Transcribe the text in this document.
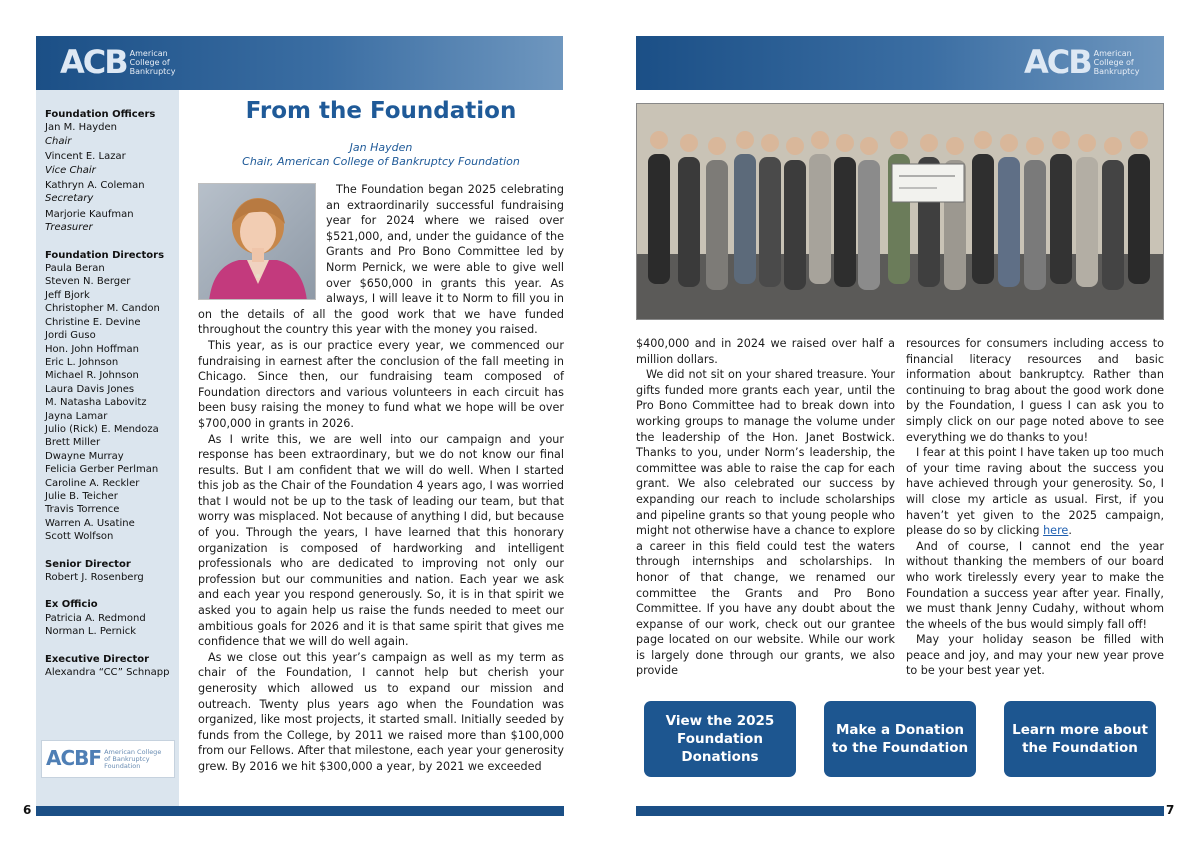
ACB American
College of
Bankruptcy	ACB American
College of
Bankruptcy
Foundation Officers
Jan M. Hayden
Chair
Vincent E. Lazar
Vice Chair
Kathryn A. Coleman
Secretary
Marjorie Kaufman
Treasurer
Foundation Directors
Paula Beran
Steven N. Berger
Jeff Bjork
Christopher M. Candon
Christine E. Devine
Jordi Guso
Hon. John Hoffman
Eric L. Johnson
Michael R. Johnson
Laura Davis Jones
M. Natasha Labovitz
Jayna Lamar
Julio (Rick) E. Mendoza
Brett Miller
Dwayne Murray
Felicia Gerber Perlman
Caroline A. Reckler
Julie B. Teicher
Travis Torrence
Warren A. Usatine
Scott Wolfson
Senior Director
Robert J. Rosenberg
Ex Officio
Patricia A. Redmond
Norman L. Pernick
Executive Director
Alexandra “CC” Schnapp
ACBF American College
of Bankruptcy
Foundation
From the Foundation
Jan Hayden
Chair, American College of Bankruptcy Foundation

The Foundation began 2025 celebrating an extraordinarily successful fundraising year for 2024 where we raised over $521,000, and, under the guidance of the Grants and Pro Bono Committee led by Norm Pernick, we were able to give well over $650,000 in grants this year. As always, I will leave it to Norm to fill you in on the details of all the good work that we have funded throughout the country this year with the money you raised.

This year, as is our practice every year, we commenced our fundraising in earnest after the conclusion of the fall meeting in Chicago. Since then, our fundraising team composed of Foundation directors and various volunteers in each circuit has been busy raising the money to fund what we hope will be over $700,000 in grants in 2026.

As I write this, we are well into our campaign and your response has been extraordinary, but we do not know our final results. But I am confident that we will do well. When I started this job as the Chair of the Foundation 4 years ago, I was worried that I would not be up to the task of leading our team, but that worry was misplaced. Not because of anything I did, but because of you. Through the years, I have learned that this honorary organization is composed of hardworking and intelligent professionals who are dedicated to improving not only our profession but our communities and nation. Each year we ask and each year you respond generously. So, it is in that spirit we asked you to again help us raise the funds needed to meet our ambitious goals for 2026 and it is that same spirit that gives me confidence that we will do well again.

As we close out this year’s campaign as well as my term as chair of the Foundation, I cannot help but cherish your generosity which allowed us to expand our mission and outreach. Twenty plus years ago when the Foundation was organized, like most projects, it started small. Initially seeded by funds from the College, by 2011 we raised more than $100,000 from our Fellows. After that milestone, each year your generosity grew. By 2016 we hit $300,000 a year, by 2021 we exceeded

$400,000 and in 2024 we raised over half a million dollars.

We did not sit on your shared treasure. Your gifts funded more grants each year, until the Pro Bono Committee had to break down into working groups to manage the volume under the leadership of the Hon. Janet Bostwick. Thanks to you, under Norm’s leadership, the committee was able to raise the cap for each grant. We also celebrated our success by expanding our reach to include scholarships and pipeline grants so that young people who might not otherwise have a chance to explore a career in this field could test the waters through internships and scholarships. In honor of that change, we renamed our committee the Grants and Pro Bono Committee. If you have any doubt about the expanse of our work, check out our grantee page located on our website. While our work is largely done through our grants, we also provide

resources for consumers including access to financial literacy resources and basic information about bankruptcy. Rather than continuing to brag about the good work done by the Foundation, I guess I can ask you to simply click on our page noted above to see everything we do thanks to you!

I fear at this point I have taken up too much of your time raving about the success you have achieved through your generosity. So, I will close my article as usual. First, if you haven’t yet given to the 2025 campaign, please do so by clicking here.

And of course, I cannot end the year without thanking the members of our board who work tirelessly every year to make the Foundation a success year after year. Finally, we must thank Jenny Cudahy, without whom the wheels of the bus would simply fall off!

May your holiday season be filled with peace and joy, and may your new year prove to be your best year yet.

View the 2025 Foundation Donations
Make a Donation to the Foundation
Learn more about the Foundation
6	7
